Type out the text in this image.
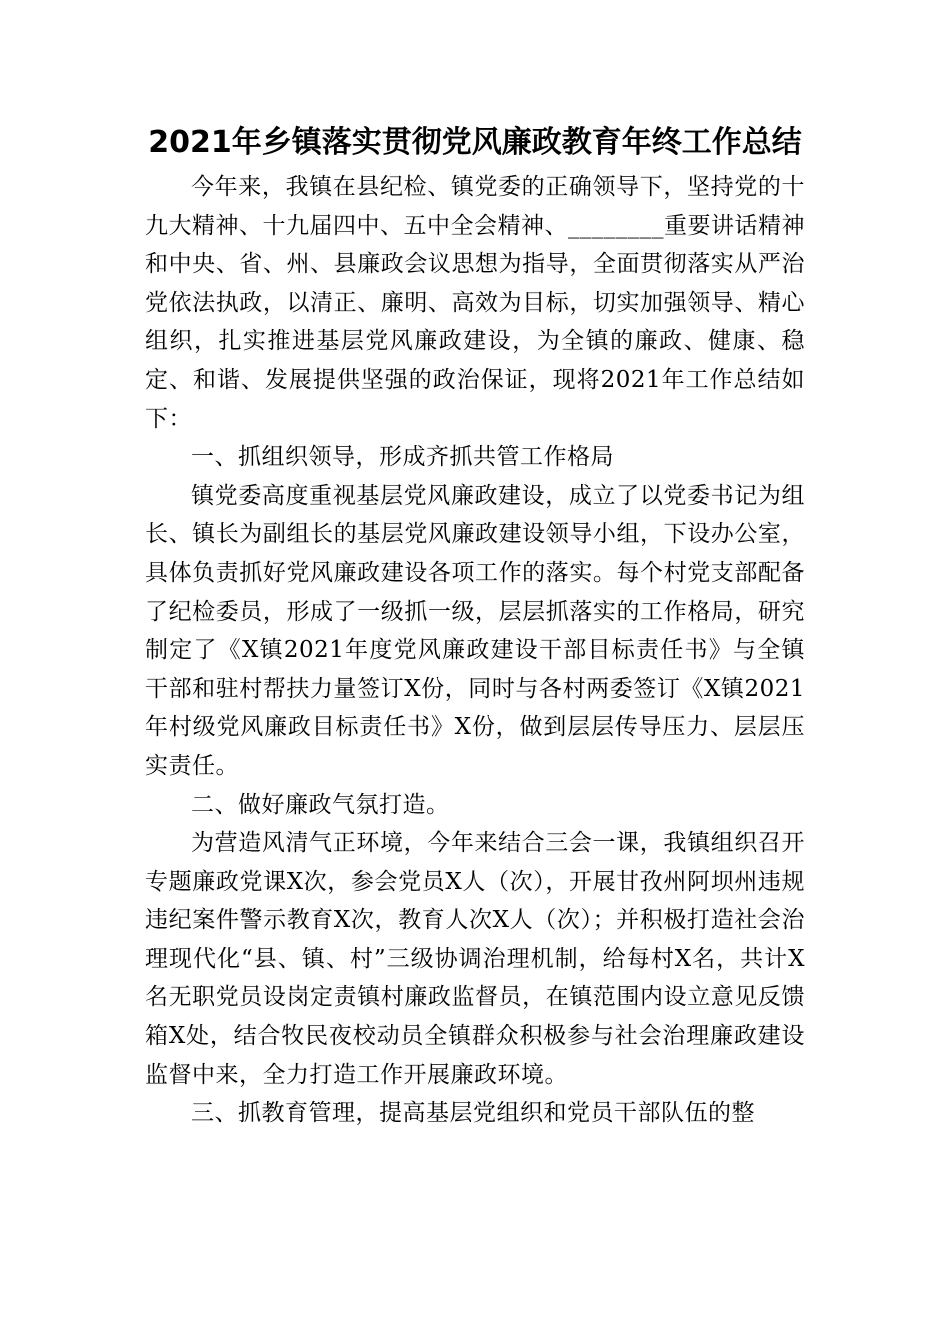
2021年乡镇落实贯彻党风廉政教育年终工作总结

今年来，我镇在县纪检、镇党委的正确领导下，坚持党的十九大精神、十九届四中、五中全会精神、________重要讲话精神和中央、省、州、县廉政会议思想为指导，全面贯彻落实从严治党依法执政，以清正、廉明、高效为目标，切实加强领导、精心组织，扎实推进基层党风廉政建设，为全镇的廉政、健康、稳定、和谐、发展提供坚强的政治保证，现将2021年工作总结如下：

一、抓组织领导，形成齐抓共管工作格局

镇党委高度重视基层党风廉政建设，成立了以党委书记为组长、镇长为副组长的基层党风廉政建设领导小组，下设办公室，具体负责抓好党风廉政建设各项工作的落实。每个村党支部配备了纪检委员，形成了一级抓一级，层层抓落实的工作格局，研究制定了《X镇2021年度党风廉政建设干部目标责任书》与全镇干部和驻村帮扶力量签订X份，同时与各村两委签订《X镇2021年村级党风廉政目标责任书》X份，做到层层传导压力、层层压实责任。

二、做好廉政气氛打造。

为营造风清气正环境，今年来结合三会一课，我镇组织召开专题廉政党课X次，参会党员X人（次），开展甘孜州阿坝州违规违纪案件警示教育X次，教育人次X人（次）；并积极打造社会治理现代化“县、镇、村”三级协调治理机制，给每村X名，共计X名无职党员设岗定责镇村廉政监督员，在镇范围内设立意见反馈箱X处，结合牧民夜校动员全镇群众积极参与社会治理廉政建设监督中来，全力打造工作开展廉政环境。

三、抓教育管理，提高基层党组织和党员干部队伍的整
